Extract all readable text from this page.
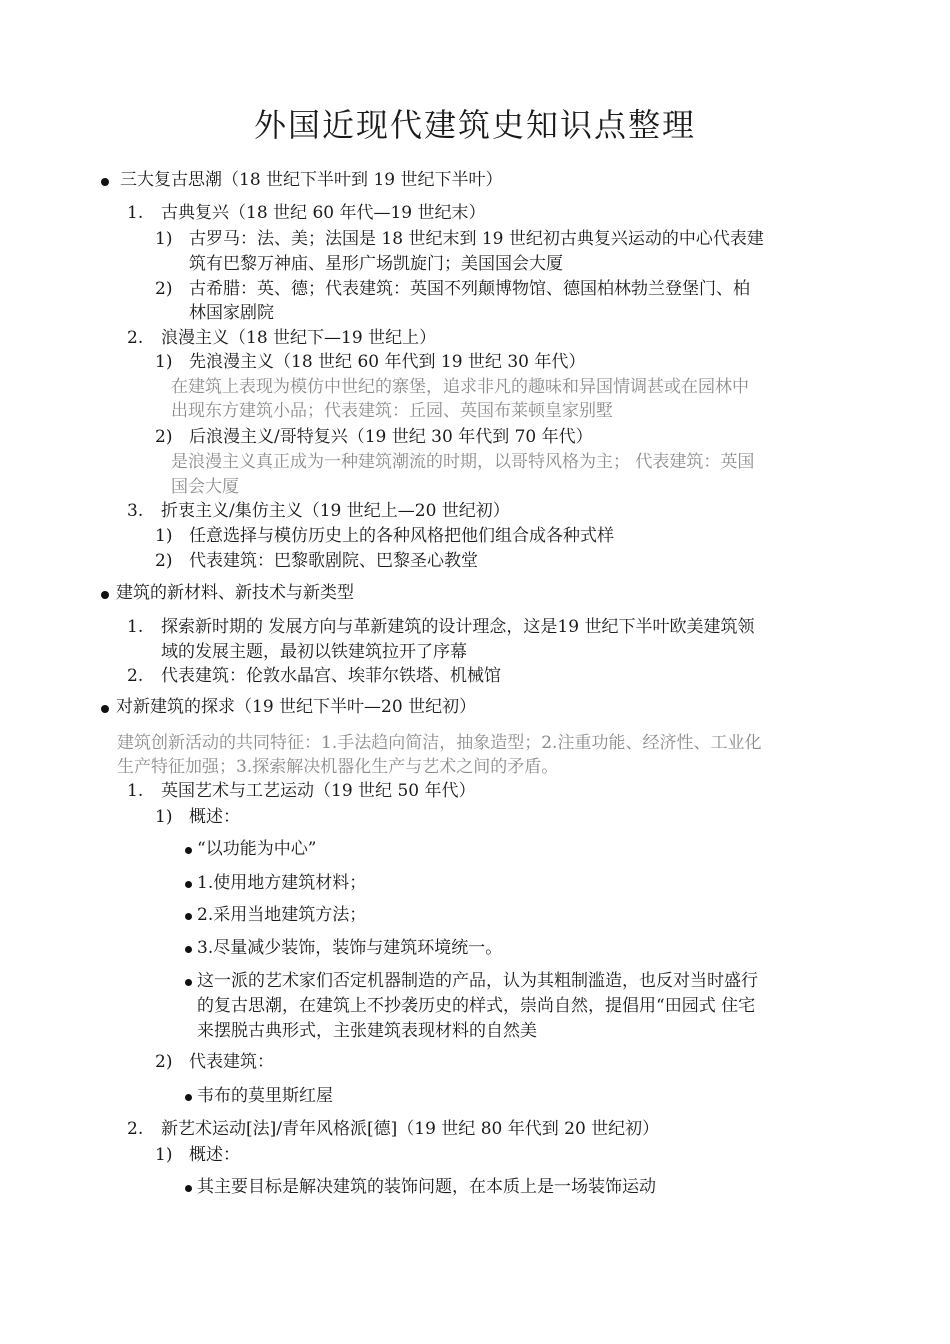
外国近现代建筑史知识点整理
三大复古思潮（18 世纪下半叶到 19 世纪下半叶）
1. 古典复兴（18 世纪 60 年代—19 世纪末）
1) 古罗马：法、美；法国是 18 世纪末到 19 世纪初古典复兴运动的中心代表建
筑有巴黎万神庙、星形广场凯旋门；美国国会大厦
2) 古希腊：英、德；代表建筑：英国不列颠博物馆、德国柏林勃兰登堡门、柏
林国家剧院
2. 浪漫主义（18 世纪下—19 世纪上）
1) 先浪漫主义（18 世纪 60 年代到 19 世纪 30 年代）
在建筑上表现为模仿中世纪的寨堡，追求非凡的趣味和异国情调甚或在园林中
出现东方建筑小品；代表建筑：丘园、英国布莱顿皇家别墅
2) 后浪漫主义/哥特复兴（19 世纪 30 年代到 70 年代）
是浪漫主义真正成为一种建筑潮流的时期，以哥特风格为主； 代表建筑：英国
国会大厦
3. 折衷主义/集仿主义（19 世纪上—20 世纪初）
1) 任意选择与模仿历史上的各种风格把他们组合成各种式样
2) 代表建筑：巴黎歌剧院、巴黎圣心教堂
建筑的新材料、新技术与新类型
1. 探索新时期的 发展方向与革新建筑的设计理念，这是19 世纪下半叶欧美建筑领
域的发展主题，最初以铁建筑拉开了序幕
2. 代表建筑：伦敦水晶宫、埃菲尔铁塔、机械馆
对新建筑的探求（19 世纪下半叶—20 世纪初）
建筑创新活动的共同特征：1.手法趋向简洁，抽象造型；2.注重功能、经济性、工业化
生产特征加强；3.探索解决机器化生产与艺术之间的矛盾。
1. 英国艺术与工艺运动（19 世纪 50 年代）
1) 概述：
“以功能为中心”
1.使用地方建筑材料；
2.采用当地建筑方法；
3.尽量减少装饰，装饰与建筑环境统一。
这一派的艺术家们否定机器制造的产品，认为其粗制滥造，也反对当时盛行
的复古思潮，在建筑上不抄袭历史的样式，崇尚自然，提倡用“田园式 住宅
来摆脱古典形式，主张建筑表现材料的自然美
2) 代表建筑：
韦布的莫里斯红屋
2. 新艺术运动[法]/青年风格派[德]（19 世纪 80 年代到 20 世纪初）
1) 概述：
其主要目标是解决建筑的装饰问题，在本质上是一场装饰运动
